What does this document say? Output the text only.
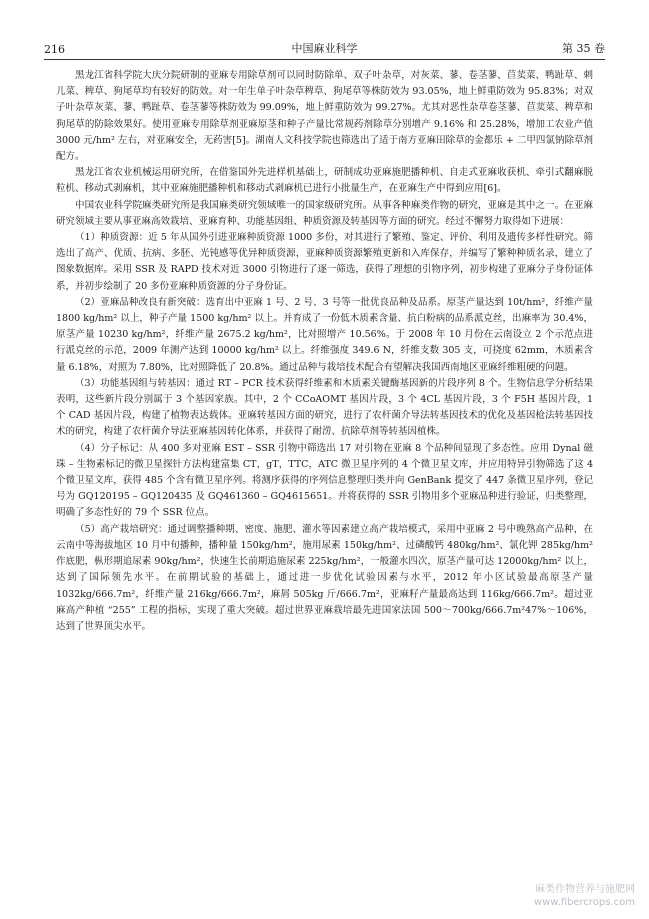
216	中国麻业科学	第 35 卷

黑龙江省科学院大庆分院研制的亚麻专用除草剂可以同时防除单、双子叶杂草，对灰菜、蓼、卷茎蓼、苣荬菜、鸭趾草、刺儿菜、稗草、狗尾草均有较好的防效。对一年生单子叶杂草稗草、狗尾草等株防效为 93.05%，地上鲜重防效为 95.83%；对双子叶杂草灰菜、蓼、鸭趾草、卷茎蓼等株防效为 99.09%，地上鲜重防效为 99.27%。尤其对恶性杂草卷茎蓼、苣荬菜、稗草和狗尾草的防除效果好。使用亚麻专用除草剂亚麻原茎和种子产量比常规药剂除草分别增产 9.16% 和 25.28%，增加工农业产值 3000 元/hm² 左右，对亚麻安全，无药害[5]。湖南人文科技学院也筛选出了适于南方亚麻田除草的金都乐 + 二甲四氯钠除草剂配方。

黑龙江省农业机械运用研究所，在借鉴国外先进样机基础上，研制成功亚麻施肥播种机、自走式亚麻收获机、牵引式翻麻脱粒机、移动式剥麻机，其中亚麻施肥播种机和移动式剥麻机已进行小批量生产，在亚麻生产中得到应用[6]。

中国农业科学院麻类研究所是我国麻类研究领域唯一的国家级研究所。从事各种麻类作物的研究，亚麻是其中之一。在亚麻研究领域主要从事亚麻高效栽培、亚麻育种、功能基因组、种质资源及转基因等方面的研究。经过不懈努力取得如下进展：

（1）种质资源：近 5 年从国外引进亚麻种质资源 1000 多份，对其进行了繁殖、鉴定、评价、利用及遗传多样性研究。筛选出了高产、优质、抗病、多胚、光钝感等优异种质资源，亚麻种质资源繁殖更新和入库保存，并编写了繁种种质名录，建立了图象数据库。采用 SSR 及 RAPD 技术对近 3000 引物进行了逐一筛选，获得了理想的引物序列，初步构建了亚麻分子身份证体系，并初步绘制了 20 多份亚麻种质资源的分子身份证。

（2）亚麻品种改良有新突破：选育出中亚麻 1 号、2 号、3 号等一批优良品种及品系。原茎产量达到 10t/hm²，纤维产量 1800 kg/hm² 以上，种子产量 1500 kg/hm² 以上。并育成了一份低木质素含量、抗白粉病的品系派克丝，出麻率为 30.4%，原茎产量 10230 kg/hm²，纤维产量 2675.2 kg/hm²，比对照增产 10.56%。于 2008 年 10 月份在云南设立 2 个示范点进行派克丝的示范，2009 年测产达到 10000 kg/hm² 以上。纤维强度 349.6 N，纤维支数 305 支，可挠度 62mm，木质素含量 6.18%，对照为 7.80%，比对照降低了 20.8%。通过品种与栽培技术配合有望解决我国西南地区亚麻纤维粗硬的问题。

（3）功能基因组与转基因：通过 RT – PCR 技术获得纤维素和木质素关键酶基因新的片段序列 8 个。生物信息学分析结果表明，这些新片段分别属于 3 个基因家族。其中，2 个 CCoAOMT 基因片段，3 个 4CL 基因片段，3 个 F5H 基因片段，1 个 CAD 基因片段，构建了植物表达载体。亚麻转基因方面的研究，进行了农杆菌介导法转基因技术的优化及基因枪法转基因技术的研究，构建了农杆菌介导法亚麻基因转化体系，并获得了耐涝、抗除草剂等转基因植株。

（4）分子标记：从 400 多对亚麻 EST – SSR 引物中筛选出 17 对引物在亚麻 8 个品种间显现了多态性。应用 Dynal 磁珠 – 生物素标记的微卫星探针方法构建富集 CT，gT，TTC，ATC 微卫星序列的 4 个微卫星文库，并应用特异引物筛选了这 4 个微卫星文库，获得 485 个含有微卫星序列。将测序获得的序列信息整理归类并向 GenBank 提交了 447 条微卫星序列，登记号为 GQ120195 – GQ120435 及 GQ461360 – GQ4615651。并将获得的 SSR 引物用多个亚麻品种进行验证，归类整理，明确了多态性好的 79 个 SSR 位点。

（5）高产栽培研究：通过调整播种期、密度、施肥、灌水等因素建立高产栽培模式，采用中亚麻 2 号中晚熟高产品种，在云南中等海拔地区 10 月中旬播种，播种量 150kg/hm²，施用尿素 150kg/hm²、过磷酸钙 480kg/hm²、氯化钾 285kg/hm² 作底肥，枞形期追尿素 90kg/hm²，快速生长前期追施尿素 225kg/hm²，一般灌水四次，原茎产量可达 12000kg/hm² 以上，达到了国际领先水平。在前期试验的基础上，通过进一步优化试验因素与水平，2012 年小区试验最高原茎产量 1032kg/666.7m²，纤维产量 216kg/666.7m²，麻屑 505kg 斤/666.7m²，亚麻籽产量最高达到 116kg/666.7m²。超过亚麻高产种植 “255” 工程的指标，实现了重大突破。超过世界亚麻栽培最先进国家法国 500～700kg/666.7m²47%～106%，达到了世界顶尖水平。

麻类作物营养与施肥网
www.fibercrops.com
